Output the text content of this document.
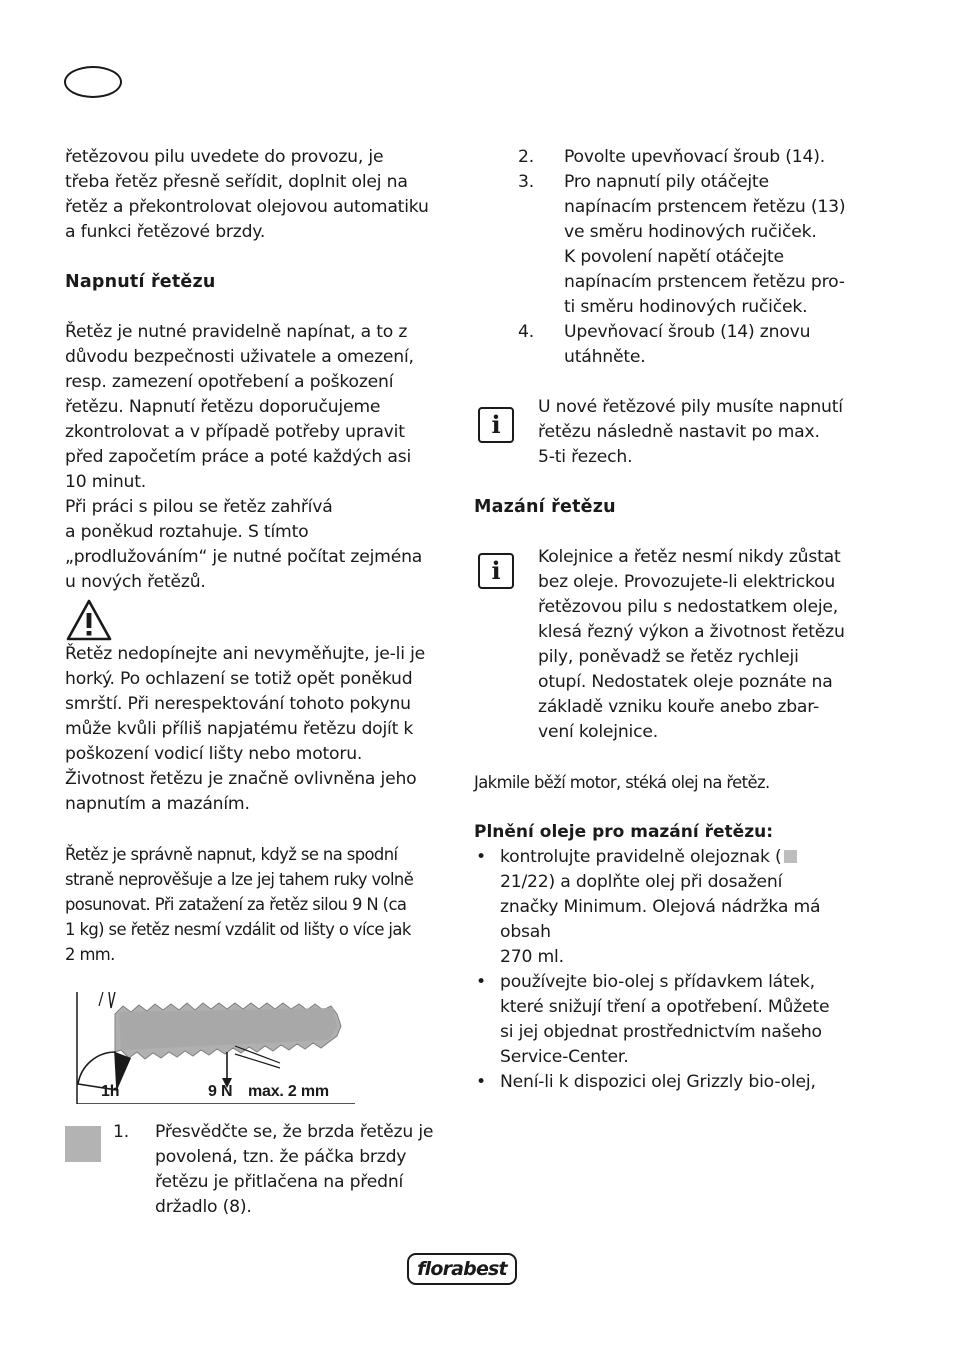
řetězovou pilu uvedete do provozu, je

třeba řetěz přesně seřídit, doplnit olej na

řetěz a překontrolovat olejovou automatiku

a funkci řetězové brzdy.

Napnutí řetězu

Řetěz je nutné pravidelně napínat, a to z

důvodu bezpečnosti uživatele a omezení,

resp. zamezení opotřebení a poškození

řetězu. Napnutí řetězu doporučujeme

zkontrolovat a v případě potřeby upravit

před započetím práce a poté každých asi

10 minut.

Při práci s pilou se řetěz zahřívá

a poněkud roztahuje. S tímto

„prodlužováním“ je nutné počítat zejména

u nových řetězů.

Řetěz nedopínejte ani nevyměňujte, je-li je

horký. Po ochlazení se totiž opět poněkud

smrští. Při nerespektování tohoto pokynu

může kvůli příliš napjatému řetězu dojít k

poškození vodicí lišty nebo motoru.

Životnost řetězu je značně ovlivněna jeho

napnutím a mazáním.

Řetěz je správně napnut, když se na spodní

straně neprověšuje a lze jej tahem ruky volně

posunovat. Při zatažení za řetěz silou 9 N (ca

1 kg) se řetěz nesmí vzdálit od lišty o více jak

2 mm.

1h	9 N max. 2 mm
1. Přesvědčte se, že brzda řetězu je

povolená, tzn. že páčka brzdy

řetězu je přitlačena na přední

držadlo (8).

2. Povolte upevňovací šroub (14).

3. Pro napnutí pily otáčejte

napínacím prstencem řetězu (13)

ve směru hodinových ručiček.

K povolení napětí otáčejte

napínacím prstencem řetězu pro-

ti směru hodinových ručiček.

4. Upevňovací šroub (14) znovu

utáhněte.

i

U nové řetězové pily musíte napnutí

řetězu následně nastavit po max.

5-ti řezech.

Mazání řetězu

i	Kolejnice a řetěz nesmí nikdy zůstat

bez oleje. Provozujete-li elektrickou

řetězovou pilu s nedostatkem oleje,

klesá řezný výkon a životnost řetězu

pily, poněvadž se řetěz rychleji

otupí. Nedostatek oleje poznáte na

základě vzniku kouře anebo zbar-

vení kolejnice.

Jakmile běží motor, stéká olej na řetěz.

Plnění oleje pro mazání řetězu:

• kontrolujte pravidelně olejoznak (

21/22) a doplňte olej při dosažení

značky Minimum. Olejová nádržka má

obsah

270 ml.

• používejte bio-olej s přídavkem látek,

které snižují tření a opotřebení. Můžete

si jej objednat prostřednictvím našeho

Service-Center.

• Není-li k dispozici olej Grizzly bio-olej,

florabest
